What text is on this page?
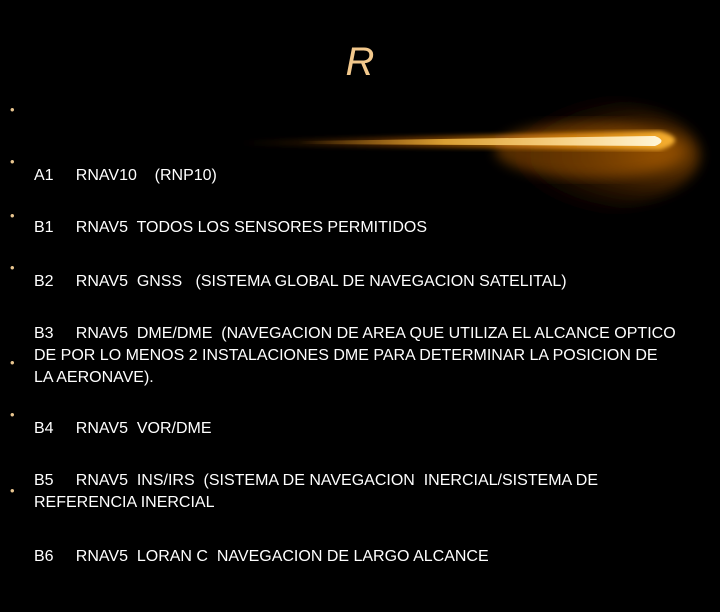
R

•

A1     RNAV10    (RNP10)

•

B1     RNAV5  TODOS LOS SENSORES PERMITIDOS

•

B2     RNAV5  GNSS   (SISTEMA GLOBAL DE NAVEGACION SATELITAL)

•

B3     RNAV5  DME/DME  (NAVEGACION DE AREA QUE UTILIZA EL ALCANCE OPTICO DE POR LO MENOS 2 INSTALACIONES DME PARA DETERMINAR LA POSICION DE LA AERONAVE).

•

B4     RNAV5  VOR/DME

•

B5     RNAV5  INS/IRS  (SISTEMA DE NAVEGACION  INERCIAL/SISTEMA DE REFERENCIA INERCIAL

•

B6     RNAV5  LORAN C  NAVEGACION DE LARGO ALCANCE
